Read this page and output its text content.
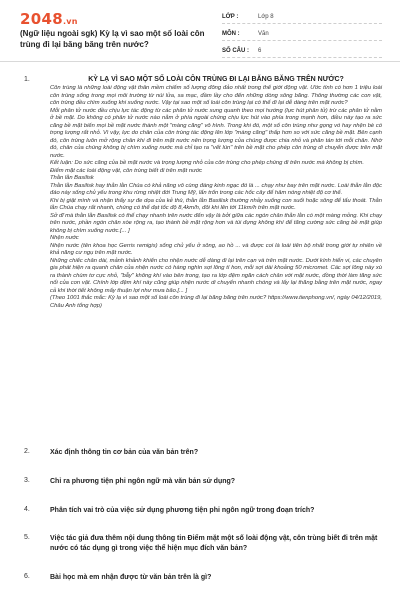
2048.vn
(Ngữ liệu ngoài sgk) Kỳ lạ vì sao một số loài côn trùng đi lại băng băng trên nước?
LỚP :	Lớp 8
MÔN :	Văn
SỐ CÂU :	6
1.	KỲ LẠ VÌ SAO MỘT SỐ LOÀI CÔN TRÙNG ĐI LẠI BĂNG BĂNG TRÊN NƯỚC?

Côn trùng là những loài động vật thân mềm chiếm số lượng đông đảo nhất trong thế giới động vật. Ước tính có hơn 1 triệu loài côn trùng sống trong mọi môi trường từ núi lửa, sa mạc, đầm lầy cho đến những dòng sông băng. Thông thường các con vật, côn trùng đều chìm xuống khi xuống nước. Vậy tại sao một số loài côn trùng lại có thể đi lại dễ dàng trên mặt nước?

Mỗi phân tử nước đều chịu lực tác động từ các phân tử nước xung quanh theo mọi hướng (lực hút phân tử) trừ các phân tử nằm ở bề mặt. Do không có phân tử nước nào nằm ở phía ngoài chúng chịu lực hút vào phía trong mạnh hơn, điều này tạo ra sức căng bề mặt biến mọi bề mặt nước thành một "màng căng" vô hình. Trong khi đó, một số côn trùng như gọng vó hay nhện bè có trọng lượng rất nhỏ. Vì vậy, lực do chân của côn trùng tác động lên lớp "màng căng" thấp hơn so với sức căng bề mặt. Bên cạnh đó, côn trùng luôn mở rộng chân khi đi trên mặt nước nên trọng lượng của chúng được chia nhỏ và phân tán tới mỗi chân. Nhờ đó, chân của chúng không bị chìm xuống nước mà chỉ tạo ra "vết lún" trên bề mặt cho phép côn trùng di chuyển được trên mặt nước.

Kết luận: Do sức căng của bề mặt nước và trọng lượng nhỏ của côn trùng cho phép chúng đi trên nước mà không bị chìm.

Điểm mặt các loài động vật, côn trùng biết đi trên mặt nước

Thằn lằn Basilisk

Thằn lằn Basilisk hay thằn lằn Chúa có khả năng vô cùng đáng kinh ngạc đó là ... chạy như bay trên mặt nước. Loài thằn lằn độc đáo này sống chủ yếu trong khu rừng nhiệt đới Trung Mỹ, lẩn trốn trong các hốc cây để hâm nóng nhiệt độ cơ thể.

Khi bị giật mình và nhận thấy sự đe dọa của kẻ thù, thằn lằn Basilisk thường nhảy xuống con suối hoặc sông để tẩu thoát. Thằn lằn Chúa chạy rất nhanh, chúng có thể đạt tốc độ 8,4km/h, đôi khi lên tới 11km/h trên mặt nước.

Sở dĩ mà thằn lằn Basilisk có thể chạy nhanh trên nước đến vậy là bởi giữa các ngón chân thằn lằn có một màng mỏng. Khi chạy trên nước, phần ngón chân xòe rộng ra, tạo thành bề mặt rộng hơn và túi đựng không khí để tăng cường sức căng bề mặt giúp không bị chìm xuống nước.[... ]

Nhện nước

Nhện nước (tên khoa học Gerris remigis) sống chủ yếu ở sông, ao hồ ... và được coi là loài tiên bộ nhất trong giới tự nhiên về khả năng cư ngụ trên mặt nước.

Những chiếc chân dài, mảnh khảnh khiến cho nhện nước dễ dàng đi lại trên cạn và trên mặt nước. Dưới kính hiển vi, các chuyên gia phát hiện ra quanh chân của nhện nước có hàng nghìn sợi lông tí hon, mỗi sợi dài khoảng 50 micromet. Các sợi lông này xù ra thành chùm tơ cực nhỏ, "bẫy" không khí vào bên trong, tạo ra lớp đệm ngăn cách chân với mặt nước, đồng thời làm tăng sức nổi của con vật. Chính lớp đệm khí này cũng giúp nhện nước di chuyển nhanh chóng và lấy lại thăng bằng trên mặt nước, ngay cả khi thời tiết không mấy thuận lợi như mưa bão.[... ]

(Theo 1001 thắc mắc: Kỳ lạ vì sao một số loài côn trùng đi lại băng băng trên nước? https://www.tienphong.vn/, ngày 04/12/2019, Châu Anh tổng hợp)

2.	Xác định thông tin cơ bản của văn bản trên?
3.	Chỉ ra phương tiện phi ngôn ngữ mà văn bản sử dụng?
4.	Phân tích vai trò của việc sử dụng phương tiện phi ngôn ngữ trong đoạn trích?
5.	Việc tác giả đưa thêm nội dung thông tin Điểm mặt một số loài động vật, côn trùng biết đi trên mặt nước có tác dụng gì trong việc thể hiện mục đích văn bản?
6.	Bài học mà em nhận được từ văn bản trên là gì?
